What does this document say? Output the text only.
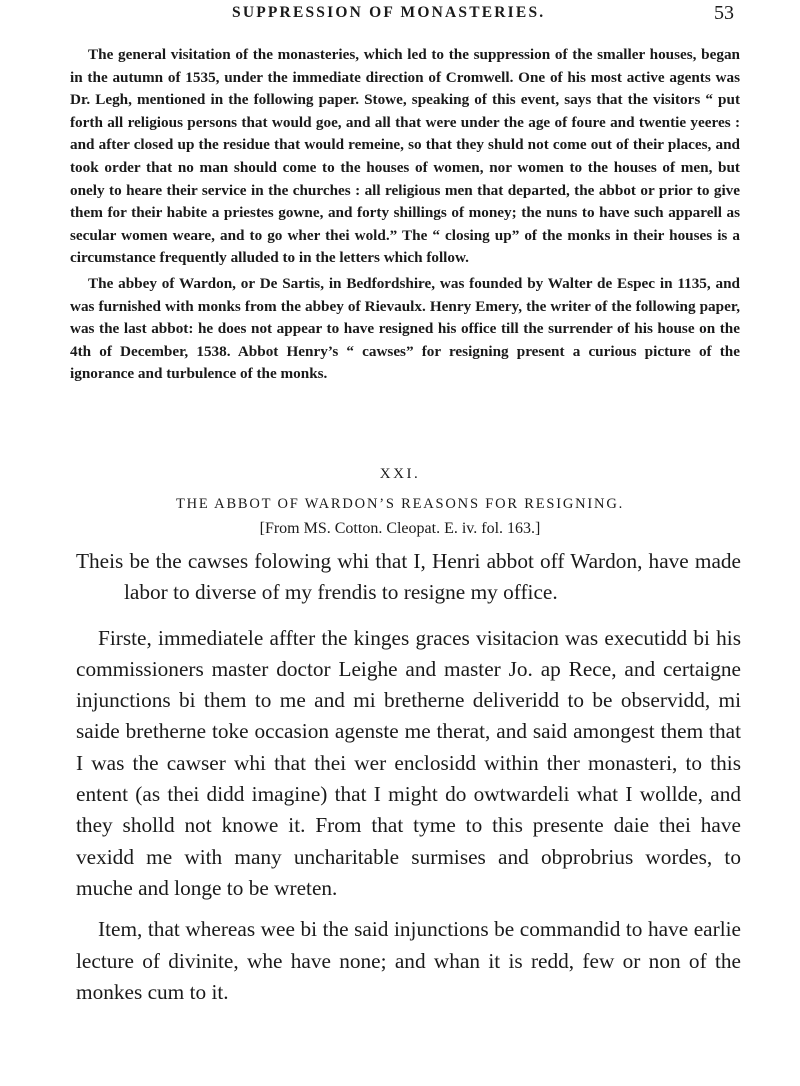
SUPPRESSION OF MONASTERIES.	53

The general visitation of the monasteries, which led to the suppression of the smaller houses, began in the autumn of 1535, under the immediate direction of Cromwell. One of his most active agents was Dr. Legh, mentioned in the following paper. Stowe, speaking of this event, says that the visitors “ put forth all religious persons that would goe, and all that were under the age of foure and twentie yeeres : and after closed up the residue that would remeine, so that they shuld not come out of their places, and took order that no man should come to the houses of women, nor women to the houses of men, but onely to heare their service in the churches : all religious men that departed, the abbot or prior to give them for their habite a priestes gowne, and forty shillings of money; the nuns to have such apparell as secular women weare, and to go wher thei wold.” The “ closing up” of the monks in their houses is a circumstance frequently alluded to in the letters which follow.

The abbey of Wardon, or De Sartis, in Bedfordshire, was founded by Walter de Espec in 1135, and was furnished with monks from the abbey of Rievaulx. Henry Emery, the writer of the following paper, was the last abbot: he does not appear to have resigned his office till the surrender of his house on the 4th of December, 1538. Abbot Henry’s “ cawses” for resigning present a curious picture of the ignorance and turbulence of the monks.

XXI.
THE ABBOT OF WARDON’S REASONS FOR RESIGNING.
[From MS. Cotton. Cleopat. E. iv. fol. 163.]

Theis be the cawses folowing whi that I, Henri abbot off Wardon, have made labor to diverse of my frendis to resigne my office.

Firste, immediatele affter the kinges graces visitacion was executidd bi his commissioners master doctor Leighe and master Jo. ap Rece, and certaigne injunctions bi them to me and mi bretherne deliveridd to be observidd, mi saide bretherne toke occasion agenste me therat, and said amongest them that I was the cawser whi that thei wer enclosidd within ther monasteri, to this entent (as thei didd imagine) that I might do owtwardeli what I wollde, and they sholld not knowe it. From that tyme to this presente daie thei have vexidd me with many uncharitable surmises and obprobrius wordes, to muche and longe to be wreten.

Item, that whereas wee bi the said injunctions be commandid to have earlie lecture of divinite, whe have none; and whan it is redd, few or non of the monkes cum to it.
